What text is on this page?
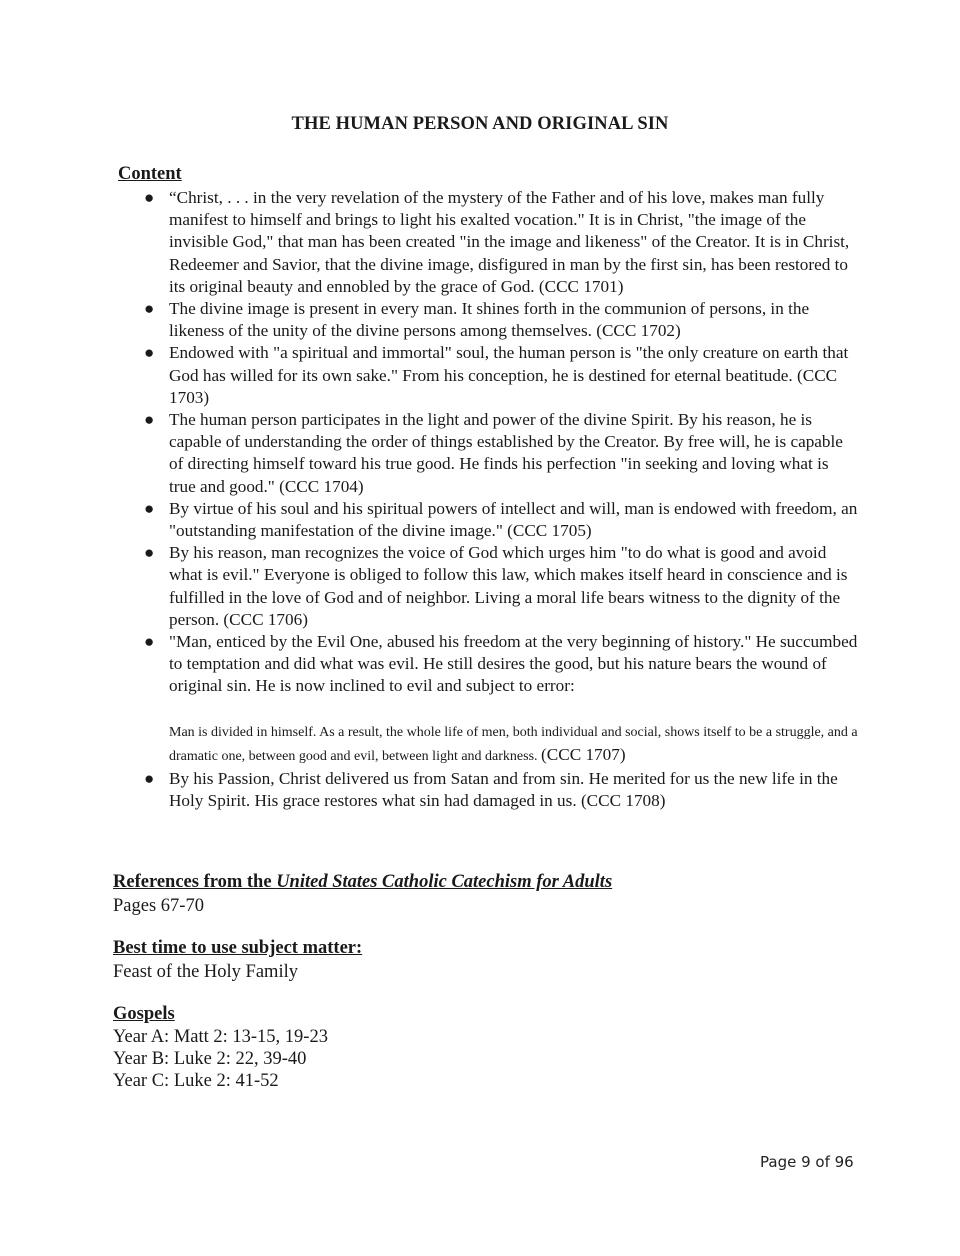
THE HUMAN PERSON AND ORIGINAL SIN
Content
● “Christ, . . . in the very revelation of the mystery of the Father and of his love, makes man fully manifest to himself and brings to light his exalted vocation." It is in Christ, "the image of the invisible God," that man has been created "in the image and likeness" of the Creator. It is in Christ, Redeemer and Savior, that the divine image, disfigured in man by the first sin, has been restored to its original beauty and ennobled by the grace of God. (CCC 1701)
● The divine image is present in every man. It shines forth in the communion of persons, in the likeness of the unity of the divine persons among themselves. (CCC 1702)
● Endowed with "a spiritual and immortal" soul, the human person is "the only creature on earth that God has willed for its own sake." From his conception, he is destined for eternal beatitude. (CCC 1703)
● The human person participates in the light and power of the divine Spirit. By his reason, he is capable of understanding the order of things established by the Creator. By free will, he is capable of directing himself toward his true good. He finds his perfection "in seeking and loving what is true and good." (CCC 1704)
● By virtue of his soul and his spiritual powers of intellect and will, man is endowed with freedom, an "outstanding manifestation of the divine image." (CCC 1705)
● By his reason, man recognizes the voice of God which urges him "to do what is good and avoid what is evil." Everyone is obliged to follow this law, which makes itself heard in conscience and is fulfilled in the love of God and of neighbor. Living a moral life bears witness to the dignity of the person. (CCC 1706)
● "Man, enticed by the Evil One, abused his freedom at the very beginning of history." He succumbed to temptation and did what was evil. He still desires the good, but his nature bears the wound of original sin. He is now inclined to evil and subject to error:
Man is divided in himself. As a result, the whole life of men, both individual and social, shows itself to be a struggle, and a dramatic one, between good and evil, between light and darkness. (CCC 1707)
● By his Passion, Christ delivered us from Satan and from sin. He merited for us the new life in the Holy Spirit. His grace restores what sin had damaged in us. (CCC 1708)
References from the United States Catholic Catechism for Adults
Pages 67-70
Best time to use subject matter:
Feast of the Holy Family
Gospels
Year A: Matt 2: 13-15, 19-23
Year B: Luke 2: 22, 39-40
Year C: Luke 2: 41-52
Page 9 of 96
